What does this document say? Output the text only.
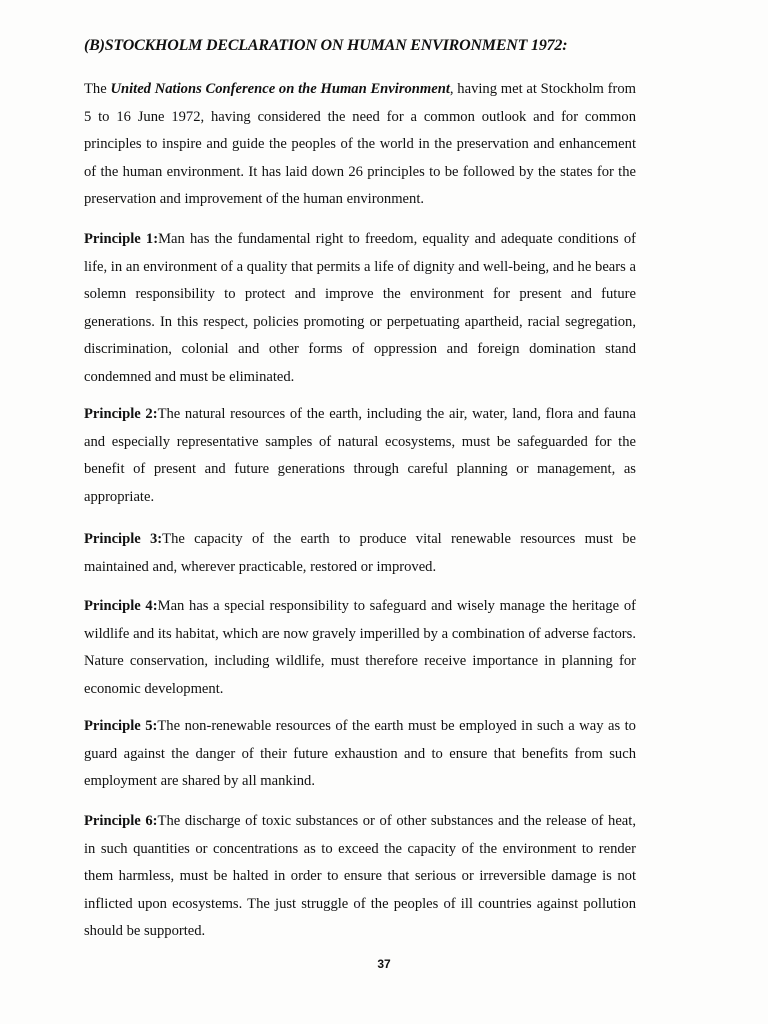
(B)STOCKHOLM DECLARATION ON HUMAN ENVIRONMENT 1972:
The United Nations Conference on the Human Environment, having met at Stockholm from 5 to 16 June 1972, having considered the need for a common outlook and for common principles to inspire and guide the peoples of the world in the preservation and enhancement of the human environment. It has laid down 26 principles to be followed by the states for the preservation and improvement of the human environment.
Principle 1:Man has the fundamental right to freedom, equality and adequate conditions of life, in an environment of a quality that permits a life of dignity and well-being, and he bears a solemn responsibility to protect and improve the environment for present and future generations. In this respect, policies promoting or perpetuating apartheid, racial segregation, discrimination, colonial and other forms of oppression and foreign domination stand condemned and must be eliminated.
Principle 2:The natural resources of the earth, including the air, water, land, flora and fauna and especially representative samples of natural ecosystems, must be safeguarded for the benefit of present and future generations through careful planning or management, as appropriate.
Principle 3:The capacity of the earth to produce vital renewable resources must be maintained and, wherever practicable, restored or improved.
Principle 4:Man has a special responsibility to safeguard and wisely manage the heritage of wildlife and its habitat, which are now gravely imperilled by a combination of adverse factors. Nature conservation, including wildlife, must therefore receive importance in planning for economic development.
Principle 5:The non-renewable resources of the earth must be employed in such a way as to guard against the danger of their future exhaustion and to ensure that benefits from such employment are shared by all mankind.
Principle 6:The discharge of toxic substances or of other substances and the release of heat, in such quantities or concentrations as to exceed the capacity of the environment to render them harmless, must be halted in order to ensure that serious or irreversible damage is not inflicted upon ecosystems. The just struggle of the peoples of ill countries against pollution should be supported.
37
